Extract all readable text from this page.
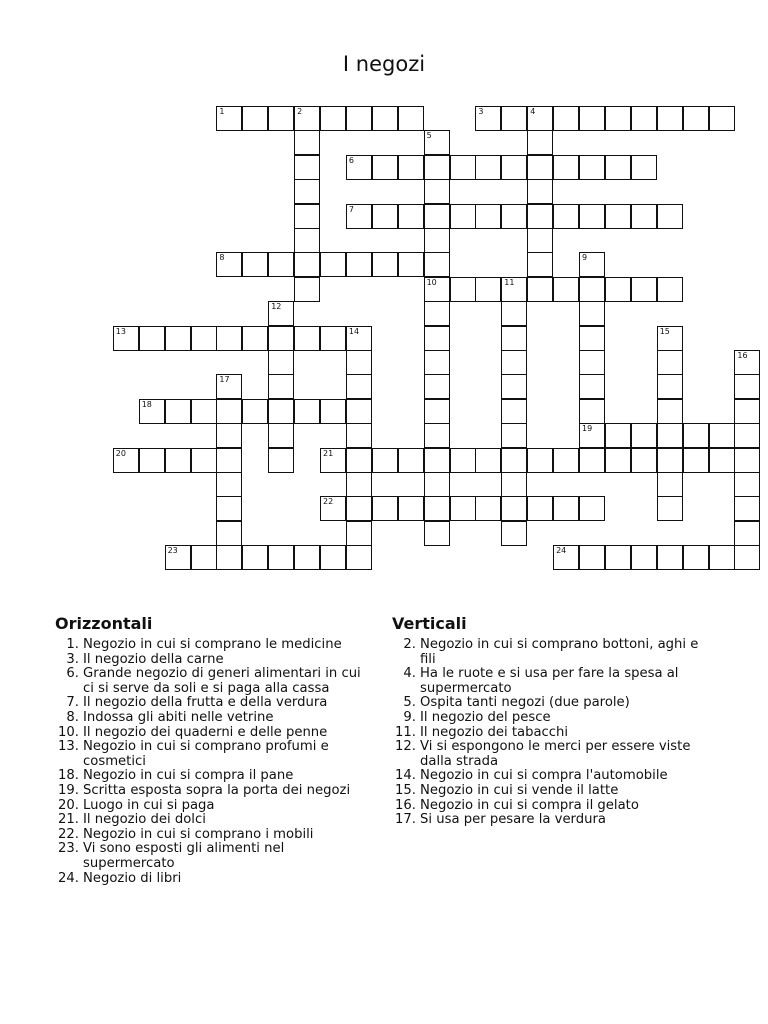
I negozi
1	2	3	4
5
10
6
7
8	9
19
11
12
13	14	15
16
17
18
20	21
22
23	24
Orizzontali
1. Negozio in cui si comprano le medicine
3. Il negozio della carne
6. Grande negozio di generi alimentari in cui ci si serve da soli e si paga alla cassa
7. Il negozio della frutta e della verdura
8. Indossa gli abiti nelle vetrine
10. Il negozio dei quaderni e delle penne
13. Negozio in cui si comprano profumi e cosmetici
18. Negozio in cui si compra il pane
19. Scritta esposta sopra la porta dei negozi
20. Luogo in cui si paga
21. Il negozio dei dolci
22. Negozio in cui si comprano i mobili
23. Vi sono esposti gli alimenti nel supermercato
24. Negozio di libri
Verticali
2. Negozio in cui si comprano bottoni, aghi e fili
4. Ha le ruote e si usa per fare la spesa al supermercato
5. Ospita tanti negozi (due parole)
9. Il negozio del pesce
11. Il negozio dei tabacchi
12. Vi si espongono le merci per essere viste dalla strada
14. Negozio in cui si compra l'automobile
15. Negozio in cui si vende il latte
16. Negozio in cui si compra il gelato
17. Si usa per pesare la verdura
